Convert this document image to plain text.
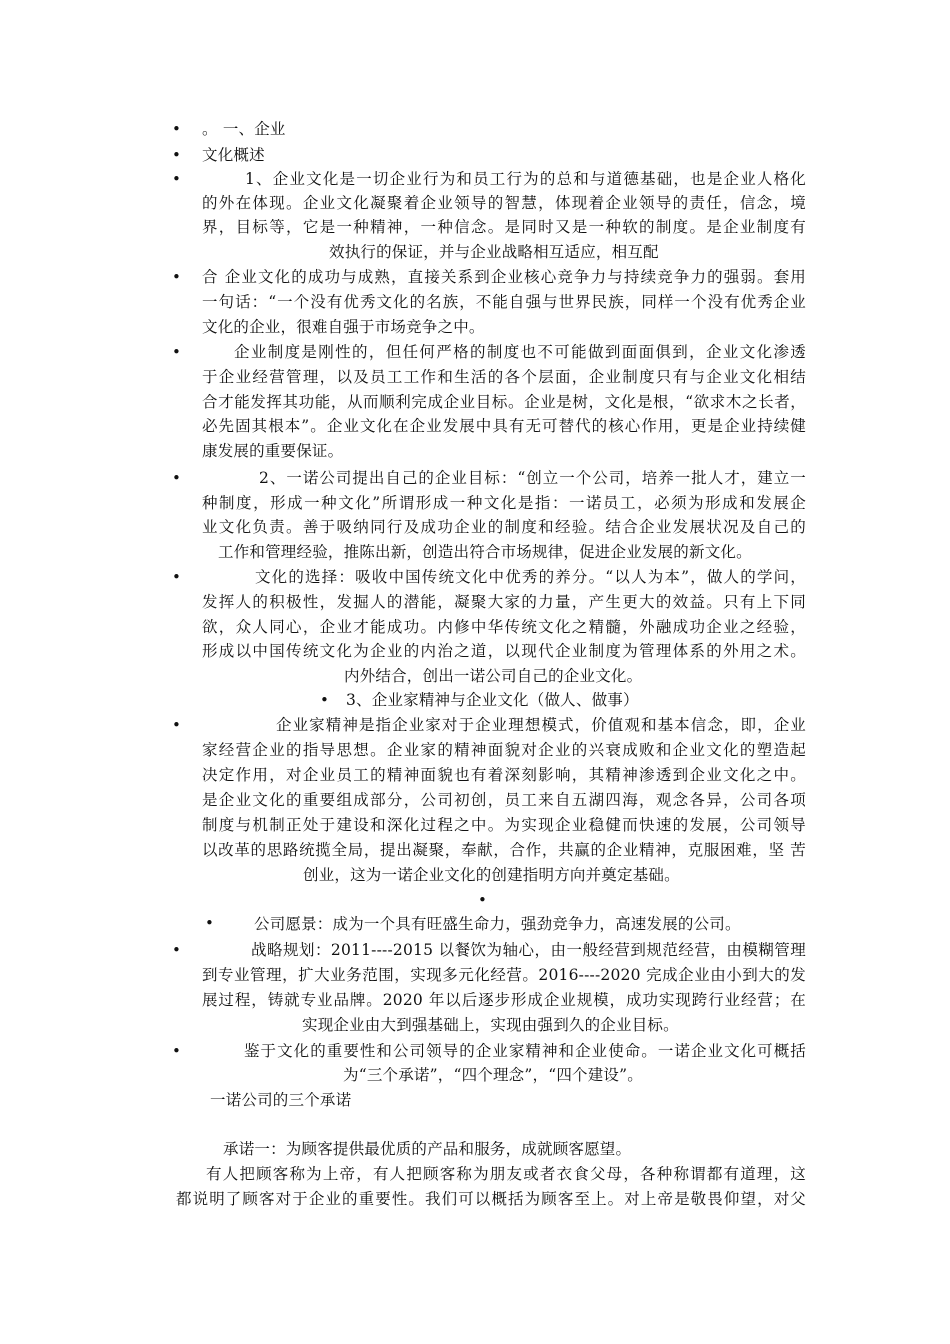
•
•
•
•
•
•
•
•
•
•
•
•
•
。 一、企业
文化概述
1、企业文化是一切企业行为和员工行为的总和与道德基础，也是企业人格化
的外在体现。企业文化凝聚着企业领导的智慧，体现着企业领导的责任，信念，境
界，目标等，它是一种精神，一种信念。是同时又是一种软的制度。是企业制度有
效执行的保证，并与企业战略相互适应，相互配
合 企业文化的成功与成熟，直接关系到企业核心竞争力与持续竞争力的强弱。套用
一句话：“一个没有优秀文化的名族，不能自强与世界民族，同样一个没有优秀企业
文化的企业，很难自强于市场竞争之中。
企业制度是刚性的，但任何严格的制度也不可能做到面面俱到，企业文化渗透
于企业经营管理，以及员工工作和生活的各个层面，企业制度只有与企业文化相结
合才能发挥其功能，从而顺利完成企业目标。企业是树，文化是根，“欲求木之长者，
必先固其根本”。企业文化在企业发展中具有无可替代的核心作用，更是企业持续健
康发展的重要保证。
2、一诺公司提出自己的企业目标：“创立一个公司，培养一批人才，建立一
种制度，形成一种文化”所谓形成一种文化是指：一诺员工，必须为形成和发展企
业文化负责。善于吸纳同行及成功企业的制度和经验。结合企业发展状况及自己的
工作和管理经验，推陈出新，创造出符合市场规律，促进企业发展的新文化。
文化的选择：吸收中国传统文化中优秀的养分。“以人为本”，做人的学问，
发挥人的积极性，发掘人的潜能，凝聚大家的力量，产生更大的效益。只有上下同
欲，众人同心，企业才能成功。内修中华传统文化之精髓，外融成功企业之经验，
形成以中国传统文化为企业的内治之道，以现代企业制度为管理体系的外用之术。
内外结合，创出一诺公司自己的企业文化。
3、企业家精神与企业文化（做人、做事）
企业家精神是指企业家对于企业理想模式，价值观和基本信念，即，企业
家经营企业的指导思想。企业家的精神面貌对企业的兴衰成败和企业文化的塑造起
决定作用，对企业员工的精神面貌也有着深刻影响，其精神渗透到企业文化之中。
是企业文化的重要组成部分，公司初创，员工来自五湖四海，观念各异，公司各项
制度与机制正处于建设和深化过程之中。为实现企业稳健而快速的发展，公司领导
以改革的思路统揽全局，提出凝聚，奉献，合作，共赢的企业精神，克服困难，坚 苦
创业，这为一诺企业文化的创建指明方向并奠定基础。
公司愿景：成为一个具有旺盛生命力，强劲竞争力，高速发展的公司。
战略规划：2011----2015 以餐饮为轴心，由一般经营到规范经营，由模糊管理
到专业管理，扩大业务范围，实现多元化经营。2016----2020 完成企业由小到大的发
展过程，铸就专业品牌。2020 年以后逐步形成企业规模，成功实现跨行业经营；在
实现企业由大到强基础上，实现由强到久的企业目标。
鉴于文化的重要性和公司领导的企业家精神和企业使命。一诺企业文化可概括
为“三个承诺”，“四个理念”，“四个建设”。
一诺公司的三个承诺
承诺一：为顾客提供最优质的产品和服务，成就顾客愿望。
有人把顾客称为上帝，有人把顾客称为朋友或者衣食父母，各种称谓都有道理，这
都说明了顾客对于企业的重要性。我们可以概括为顾客至上。对上帝是敬畏仰望，对父
